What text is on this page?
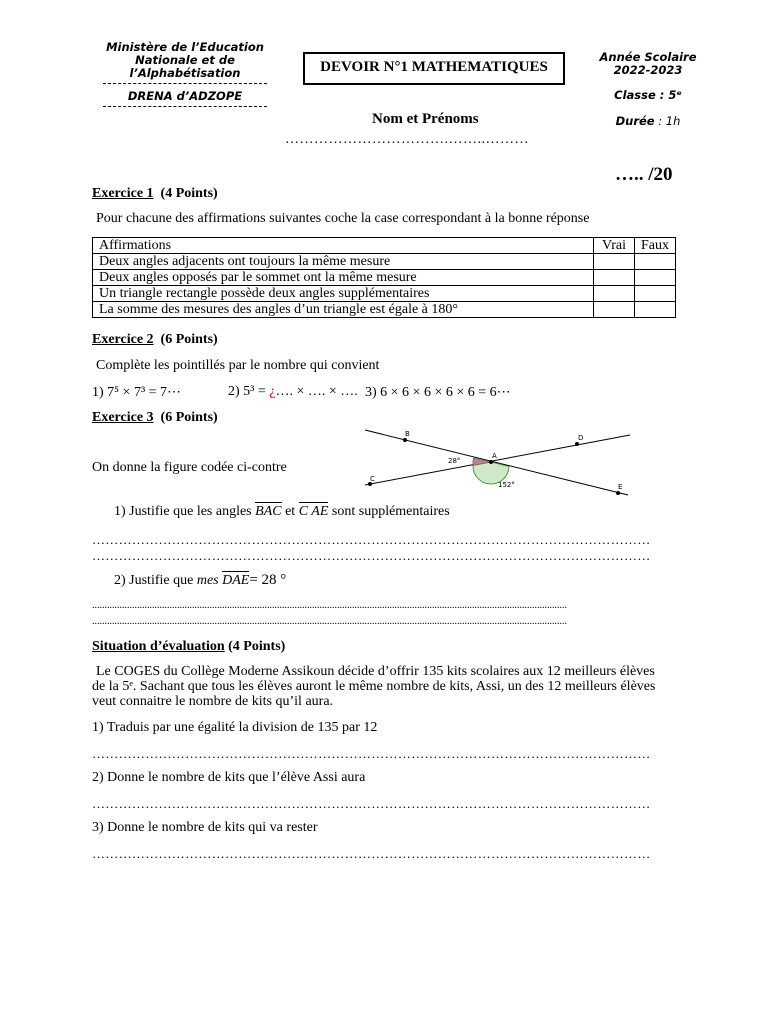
Ministère de l’Education
Nationale et de
l’Alphabétisation
DRENA d’ADZOPE
DEVOIR N°1 MATHEMATIQUES
Année Scolaire
2022-2023
Classe : 5ᵉ
Durée : 1h
Nom et Prénoms
…………………………….……..………
….. /20
Exercice 1 (4 Points)
Pour chacune des affirmations suivantes coche la case correspondant à la bonne réponse
Affirmations	Vrai	Faux
Deux angles adjacents ont toujours la même mesure		
Deux angles opposés par le sommet ont la même mesure		
Un triangle rectangle possède deux angles supplémentaires		
La somme des mesures des angles d’un triangle est égale à 180°		
Exercice 2 (6 Points)
Complète les pointillés par le nombre qui convient
1) 7⁵ × 7³ = 7⋯	2) 5³ = ¿…. × …. × …. 3) 6 × 6 × 6 × 6 × 6 = 6⋯
Exercice 3 (6 Points)
On donne la figure codée ci-contre
B	D
A
C
E
28°
152°
1) Justifie que les angles BAC et C AE sont supplémentaires
………………………………………………………………………………………………………………
………………………………………………………………………………………………………………
2) Justifie que mes DAE= 28 °
..............................................................................................................................................................................................
..............................................................................................................................................................................................
Situation d’évaluation (4 Points)
Le COGES du Collège Moderne Assikoun décide d’offrir 135 kits scolaires aux 12 meilleurs élèves
de la 5ᵉ. Sachant que tous les élèves auront le même nombre de kits, Assi, un des 12 meilleurs élèves
veut connaitre le nombre de kits qu’il aura.
1) Traduis par une égalité la division de 135 par 12
………………………………………………………………………………………………………………
2) Donne le nombre de kits que l’élève Assi aura
………………………………………………………………………………………………………………
3) Donne le nombre de kits qui va rester
………………………………………………………………………………………………………………
